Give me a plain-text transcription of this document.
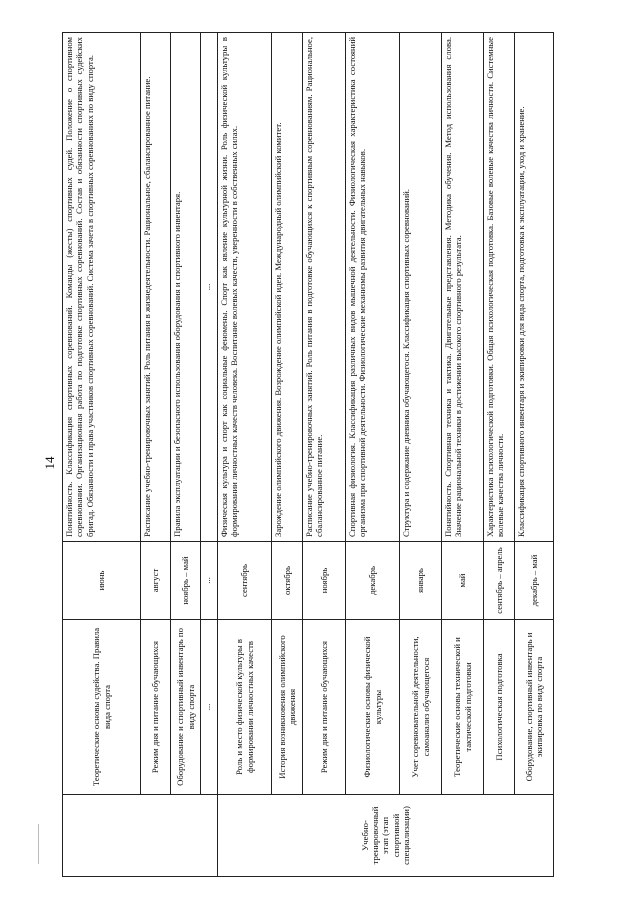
14
	Теоретические основы судейства. Правила вида спорта	июнь	Понятийность. Классификация спортивных соревнований. Команды (жесты) спортивных судей. Положение о спортивном соревновании. Организационная работа по подготовке спортивных соревнований. Состав и обязанности спортивных судейских бригад. Обязанности и права участников спортивных соревнований. Система зачета в спортивных соревнованиях по виду спорта.
	Режим дня и питание обучающихся	август	Расписание учебно-тренировочных занятий. Роль питания в жизнедеятельности. Рациональное, сбалансированное питание.
	Оборудование и спортивный инвентарь по виду спорта	ноябрь – май	Правила эксплуатации и безопасного использования оборудования и спортивного инвентаря.
	...	...	...
Учебно-тренировочный этап (этап спортивной специализации)	Роль и место физической культуры в формировании личностных качеств	сентябрь	Физическая культура и спорт как социальные феномены. Спорт как явление культурной жизни. Роль физической культуры в формировании личностных качеств человека. Воспитание волевых качеств, уверенности в собственных силах.
	История возникновения олимпийского движения	октябрь	Зарождение олимпийского движения. Возрождение олимпийской идеи. Международный олимпийский комитет.
	Режим дня и питание обучающихся	ноябрь	Расписание учебно-тренировочных занятий. Роль питания в подготовке обучающихся к спортивным соревнованиям. Рациональное, сбалансированное питание.
	Физиологические основы физической культуры	декабрь	Спортивная физиология. Классификация различных видов мышечной деятельности. Физиологическая характеристика состояний организма при спортивной деятельности. Физиологические механизмы развития двигательных навыков.
	Учет соревновательной деятельности, самоанализ обучающегося	январь	Структура и содержание дневника обучающегося. Классификация спортивных соревнований.
	Теоретические основы технической и тактической подготовки	май	Понятийность. Спортивная техника и тактика. Двигательные представления. Методика обучения. Метод использования слова. Значение рациональной техники в достижении высокого спортивного результата.
	Психологическая подготовка	сентябрь – апрель	Характеристика психологической подготовки. Общая психологическая подготовка. Базовые волевые качества личности. Системные волевые качества личности.
	Оборудование, спортивный инвентарь и экипировка по виду спорта	декабрь – май	Классификация спортивного инвентаря и экипировки для вида спорта, подготовка к эксплуатации, уход и хранение.
